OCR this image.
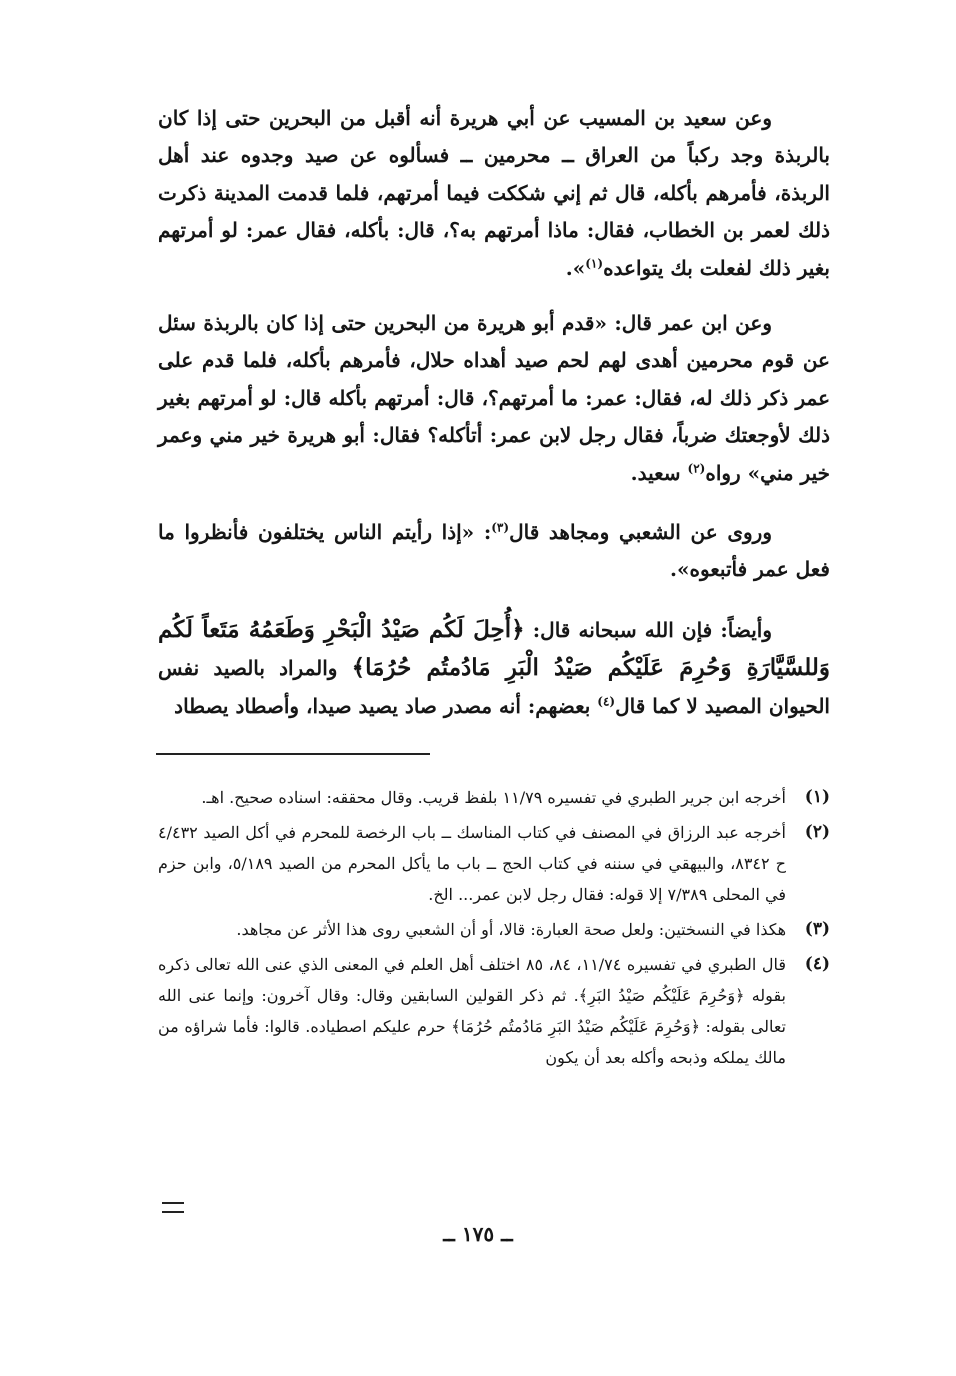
وعن سعيد بن المسيب عن أبي هريرة أنه أقبل من البحرين حتى إذا كان بالربذة وجد ركباً من العراق ــ محرمين ــ فسألوه عن صيد وجدوه عند أهل الربذة، فأمرهم بأكله، قال ثم إني شككت فيما أمرتهم، فلما قدمت المدينة ذكرت ذلك لعمر بن الخطاب، فقال: ماذا أمرتهم به؟، قال: بأكله، فقال عمر: لو أمرتهم بغير ذلك لفعلت بك يتواعده$^{(١)}$».

وعن ابن عمر قال: «قدم أبو هريرة من البحرين حتى إذا كان بالربذة سئل عن قوم محرمين أهدى لهم لحم صيد أهداه حلال، فأمرهم بأكله، فلما قدم على عمر ذكر ذلك له، فقال: عمر: ما أمرتهم؟، قال: أمرتهم بأكله قال: لو أمرتهم بغير ذلك لأوجعتك ضرباً، فقال رجل لابن عمر: أتأكله؟ فقال: أبو هريرة خير مني وعمر خير مني» رواه$^{(٢)}$ سعيد.

وروى عن الشعبي ومجاهد قال$^{(٣)}$: «إذا رأيتم الناس يختلفون فأنظروا ما فعل عمر فأتبعوه».

وأيضاً: فإن الله سبحانه قال: ﴿أُحِلَ لَكُم صَيْدُ الْبَحْرِ وَطَعَمُهُ مَتَعاً لَكُم وَللسَّيَّارَةِ وَحُرِمَ عَلَيْكُم صَيْدُ الْبَرِ مَادُمتُم حُرُمَا﴾ والمراد بالصيد نفس الحيوان المصيد لا كما قال$^{(٤)}$ بعضهم: أنه مصدر صاد يصيد صيدا، وأصطاد يصطاد

(١)
أخرجه ابن جرير الطبري في تفسيره ١١/٧٩ بلفظ قريب. وقال محققه: اسناده صحيح. اهـ.
(٢)
أخرجه عبد الرزاق في المصنف في كتاب المناسك ــ باب الرخصة للمحرم في أكل الصيد ٤/٤٣٢ ح ٨٣٤٢، والبيهقي في سننه في كتاب الحج ــ باب ما يأكل المحرم من الصيد ٥/١٨٩، وابن حزم في المحلى ٧/٣٨٩ إلا قوله: فقال رجل لابن عمر... الخ.
(٣)
هكذا في النسختين: ولعل صحة العبارة: قالا، أو أن الشعبي روى هذا الأثر عن مجاهد.
(٤)
قال الطبري في تفسيره ١١/٧٤، ٨٤، ٨٥ اختلف أهل العلم في المعنى الذي عنى الله تعالى ذكره بقوله ﴿وَحُرِمَ عَلَيْكُم صَيْدُ البَرِ﴾. ثم ذكر القولين السابقين وقال: وقال آخرون: وإنما عنى الله تعالى بقوله: ﴿وَحُرِمَ عَلَيْكُم صَيْدُ البَرِ مَادُمتُم حُرُمَا﴾ حرم عليكم اصطياده. قالوا: فأما شراؤه من مالك يملكه وذبحه وأكله بعد أن يكون
ــ ١٧٥ ــ
